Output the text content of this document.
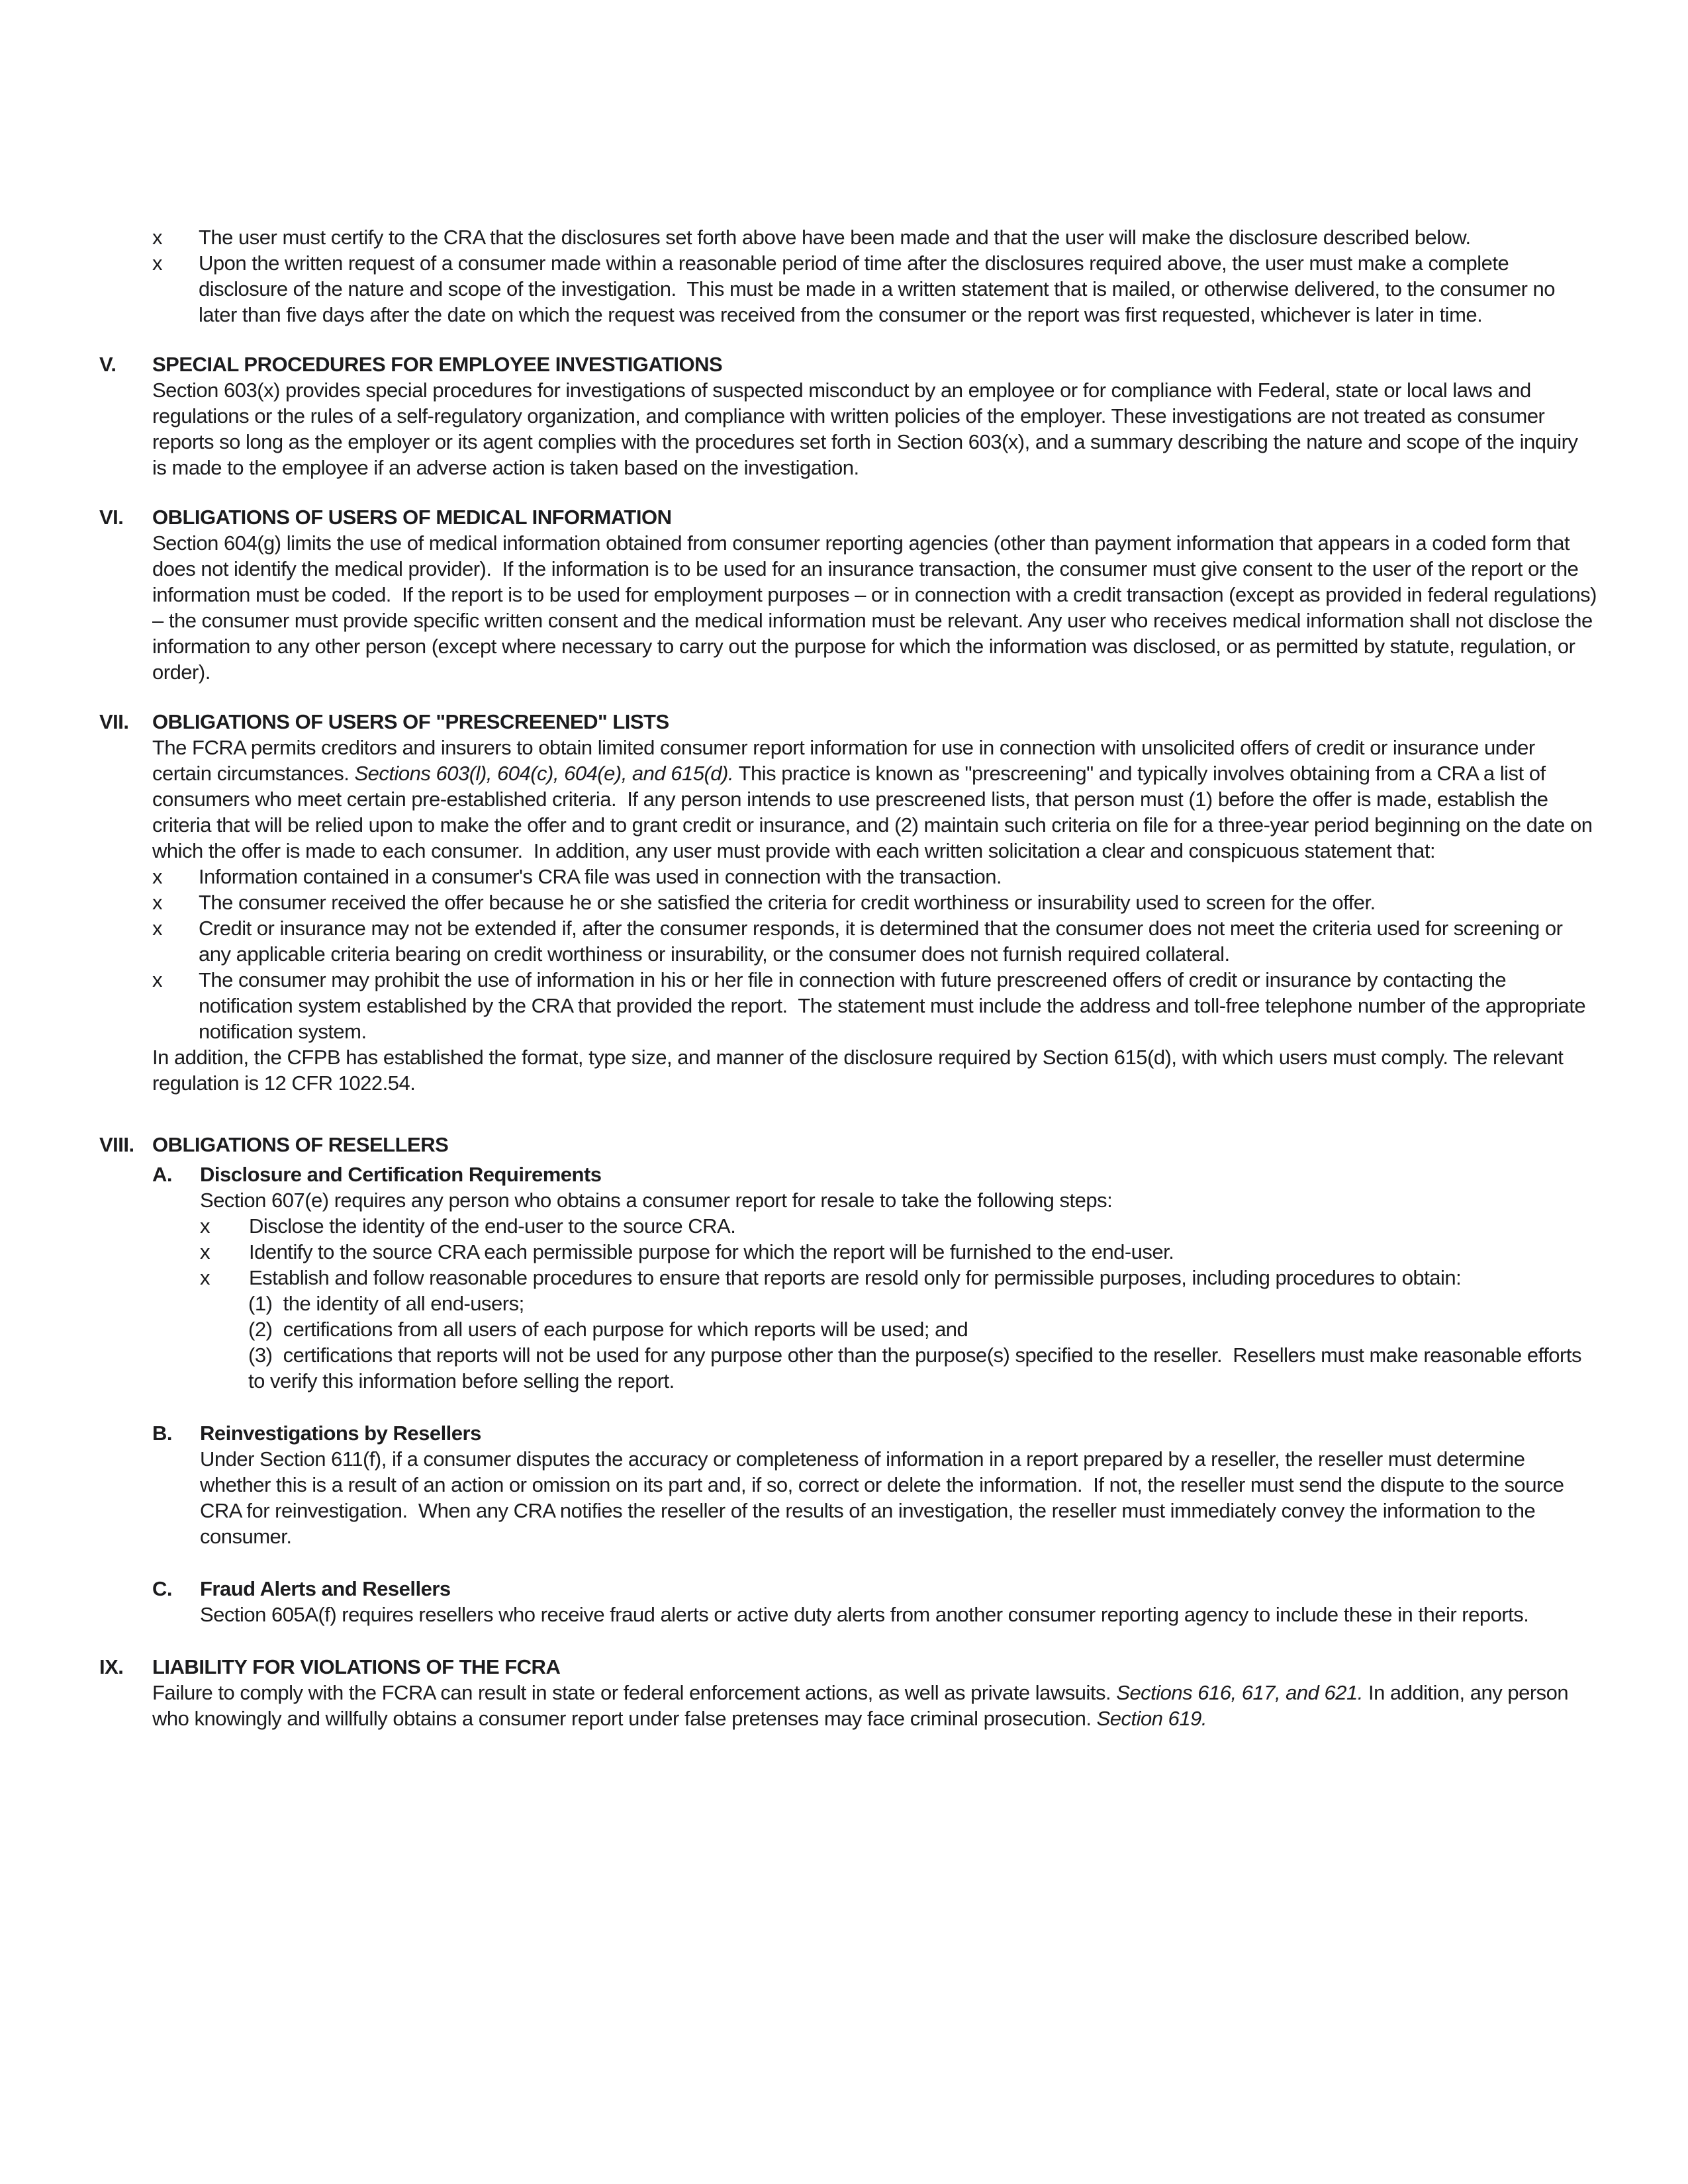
x	The user must certify to the CRA that the disclosures set forth above have been made and that the user will make the disclosure described below.
x	Upon the written request of a consumer made within a reasonable period of time after the disclosures required above, the user must make a complete disclosure of the nature and scope of the investigation.  This must be made in a written statement that is mailed, or otherwise delivered, to the consumer no later than five days after the date on which the request was received from the consumer or the report was first requested, whichever is later in time.
V.	SPECIAL PROCEDURES FOR EMPLOYEE INVESTIGATIONS
Section 603(x) provides special procedures for investigations of suspected misconduct by an employee or for compliance with Federal, state or local laws and regulations or the rules of a self-regulatory organization, and compliance with written policies of the employer. These investigations are not treated as consumer reports so long as the employer or its agent complies with the procedures set forth in Section 603(x), and a summary describing the nature and scope of the inquiry is made to the employee if an adverse action is taken based on the investigation.
VI.	OBLIGATIONS OF USERS OF MEDICAL INFORMATION
Section 604(g) limits the use of medical information obtained from consumer reporting agencies (other than payment information that appears in a coded form that does not identify the medical provider).  If the information is to be used for an insurance transaction, the consumer must give consent to the user of the report or the information must be coded.  If the report is to be used for employment purposes – or in connection with a credit transaction (except as provided in federal regulations) – the consumer must provide specific written consent and the medical information must be relevant. Any user who receives medical information shall not disclose the information to any other person (except where necessary to carry out the purpose for which the information was disclosed, or as permitted by statute, regulation, or order).
VII.	OBLIGATIONS OF USERS OF "PRESCREENED" LISTS
The FCRA permits creditors and insurers to obtain limited consumer report information for use in connection with unsolicited offers of credit or insurance under certain circumstances. Sections 603(l), 604(c), 604(e), and 615(d). This practice is known as "prescreening" and typically involves obtaining from a CRA a list of consumers who meet certain pre-established criteria.  If any person intends to use prescreened lists, that person must (1) before the offer is made, establish the criteria that will be relied upon to make the offer and to grant credit or insurance, and (2) maintain such criteria on file for a three-year period beginning on the date on which the offer is made to each consumer.  In addition, any user must provide with each written solicitation a clear and conspicuous statement that:
x	Information contained in a consumer's CRA file was used in connection with the transaction.
x	The consumer received the offer because he or she satisfied the criteria for credit worthiness or insurability used to screen for the offer.
x	Credit or insurance may not be extended if, after the consumer responds, it is determined that the consumer does not meet the criteria used for screening or any applicable criteria bearing on credit worthiness or insurability, or the consumer does not furnish required collateral.
x	The consumer may prohibit the use of information in his or her file in connection with future prescreened offers of credit or insurance by contacting the notification system established by the CRA that provided the report.  The statement must include the address and toll-free telephone number of the appropriate notification system.
In addition, the CFPB has established the format, type size, and manner of the disclosure required by Section 615(d), with which users must comply. The relevant regulation is 12 CFR 1022.54.
VIII. OBLIGATIONS OF RESELLERS
A.	Disclosure and Certification Requirements
Section 607(e) requires any person who obtains a consumer report for resale to take the following steps:
x	Disclose the identity of the end-user to the source CRA.
x	Identify to the source CRA each permissible purpose for which the report will be furnished to the end-user.
x	Establish and follow reasonable procedures to ensure that reports are resold only for permissible purposes, including procedures to obtain:
(1)  the identity of all end-users;
(2)  certifications from all users of each purpose for which reports will be used; and
(3)  certifications that reports will not be used for any purpose other than the purpose(s) specified to the reseller.  Resellers must make reasonable efforts to verify this information before selling the report.
B.	Reinvestigations by Resellers
Under Section 611(f), if a consumer disputes the accuracy or completeness of information in a report prepared by a reseller, the reseller must determine whether this is a result of an action or omission on its part and, if so, correct or delete the information.  If not, the reseller must send the dispute to the source CRA for reinvestigation.  When any CRA notifies the reseller of the results of an investigation, the reseller must immediately convey the information to the consumer.
C.	Fraud Alerts and Resellers
Section 605A(f) requires resellers who receive fraud alerts or active duty alerts from another consumer reporting agency to include these in their reports.
IX.	LIABILITY FOR VIOLATIONS OF THE FCRA
Failure to comply with the FCRA can result in state or federal enforcement actions, as well as private lawsuits. Sections 616, 617, and 621. In addition, any person who knowingly and willfully obtains a consumer report under false pretenses may face criminal prosecution. Section 619.
